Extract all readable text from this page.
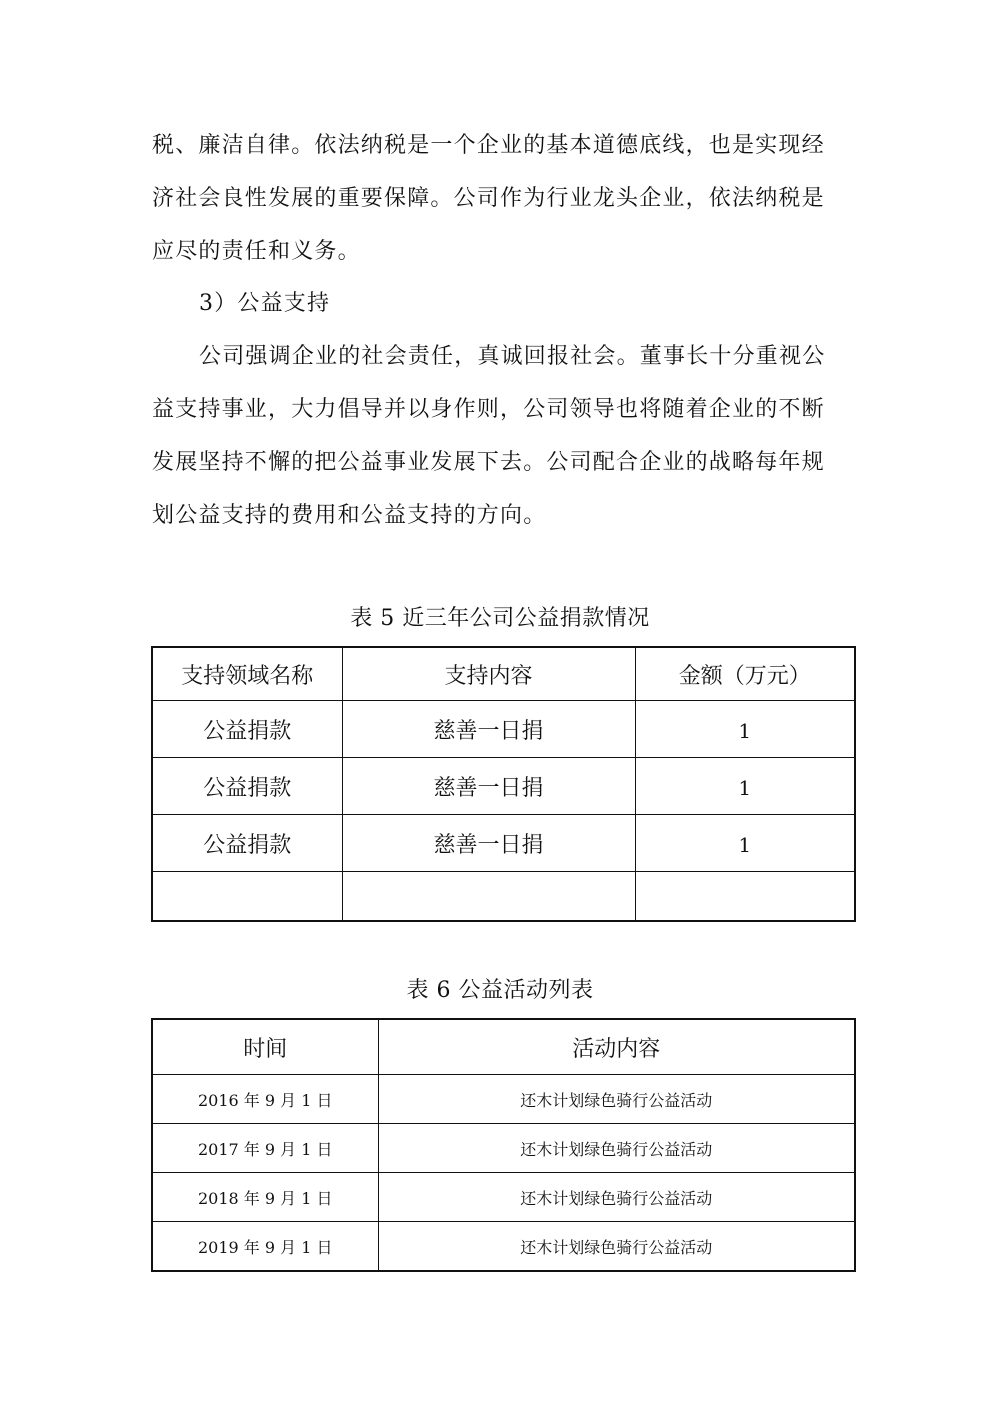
税、廉洁自律。依法纳税是一个企业的基本道德底线，也是实现经
济社会良性发展的重要保障。公司作为行业龙头企业，依法纳税是
应尽的责任和义务。
3）公益支持
公司强调企业的社会责任，真诚回报社会。董事长十分重视公
益支持事业，大力倡导并以身作则，公司领导也将随着企业的不断
发展坚持不懈的把公益事业发展下去。公司配合企业的战略每年规
划公益支持的费用和公益支持的方向。
表 5 近三年公司公益捐款情况
支持领域名称	支持内容	金额（万元）
公益捐款	慈善一日捐	1
公益捐款	慈善一日捐	1
公益捐款	慈善一日捐	1

表 6 公益活动列表
时间	活动内容
2016 年 9 月 1 日	还木计划绿色骑行公益活动
2017 年 9 月 1 日	还木计划绿色骑行公益活动
2018 年 9 月 1 日	还木计划绿色骑行公益活动
2019 年 9 月 1 日	还木计划绿色骑行公益活动
